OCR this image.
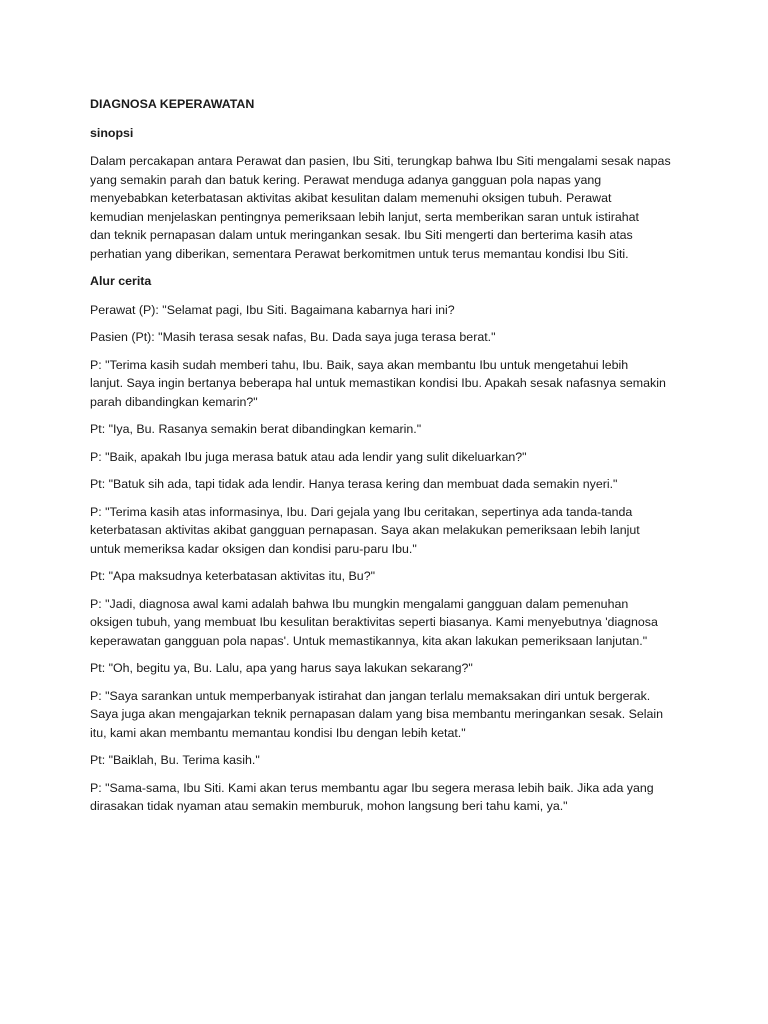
DIAGNOSA KEPERAWATAN
sinopsi
Dalam percakapan antara Perawat dan pasien, Ibu Siti, terungkap bahwa Ibu Siti mengalami sesak napas
yang semakin parah dan batuk kering. Perawat menduga adanya gangguan pola napas yang
menyebabkan keterbatasan aktivitas akibat kesulitan dalam memenuhi oksigen tubuh. Perawat
kemudian menjelaskan pentingnya pemeriksaan lebih lanjut, serta memberikan saran untuk istirahat
dan teknik pernapasan dalam untuk meringankan sesak. Ibu Siti mengerti dan berterima kasih atas
perhatian yang diberikan, sementara Perawat berkomitmen untuk terus memantau kondisi Ibu Siti.
Alur cerita
Perawat (P): "Selamat pagi, Ibu Siti. Bagaimana kabarnya hari ini?
Pasien (Pt): "Masih terasa sesak nafas, Bu. Dada saya juga terasa berat."
P: "Terima kasih sudah memberi tahu, Ibu. Baik, saya akan membantu Ibu untuk mengetahui lebih
lanjut. Saya ingin bertanya beberapa hal untuk memastikan kondisi Ibu. Apakah sesak nafasnya semakin
parah dibandingkan kemarin?"
Pt: "Iya, Bu. Rasanya semakin berat dibandingkan kemarin."
P: "Baik, apakah Ibu juga merasa batuk atau ada lendir yang sulit dikeluarkan?"
Pt: "Batuk sih ada, tapi tidak ada lendir. Hanya terasa kering dan membuat dada semakin nyeri."
P: "Terima kasih atas informasinya, Ibu. Dari gejala yang Ibu ceritakan, sepertinya ada tanda-tanda
keterbatasan aktivitas akibat gangguan pernapasan. Saya akan melakukan pemeriksaan lebih lanjut
untuk memeriksa kadar oksigen dan kondisi paru-paru Ibu."
Pt: "Apa maksudnya keterbatasan aktivitas itu, Bu?"
P: "Jadi, diagnosa awal kami adalah bahwa Ibu mungkin mengalami gangguan dalam pemenuhan
oksigen tubuh, yang membuat Ibu kesulitan beraktivitas seperti biasanya. Kami menyebutnya 'diagnosa
keperawatan gangguan pola napas'. Untuk memastikannya, kita akan lakukan pemeriksaan lanjutan."
Pt: "Oh, begitu ya, Bu. Lalu, apa yang harus saya lakukan sekarang?"
P: "Saya sarankan untuk memperbanyak istirahat dan jangan terlalu memaksakan diri untuk bergerak.
Saya juga akan mengajarkan teknik pernapasan dalam yang bisa membantu meringankan sesak. Selain
itu, kami akan membantu memantau kondisi Ibu dengan lebih ketat."
Pt: "Baiklah, Bu. Terima kasih."
P: "Sama-sama, Ibu Siti. Kami akan terus membantu agar Ibu segera merasa lebih baik. Jika ada yang
dirasakan tidak nyaman atau semakin memburuk, mohon langsung beri tahu kami, ya."
